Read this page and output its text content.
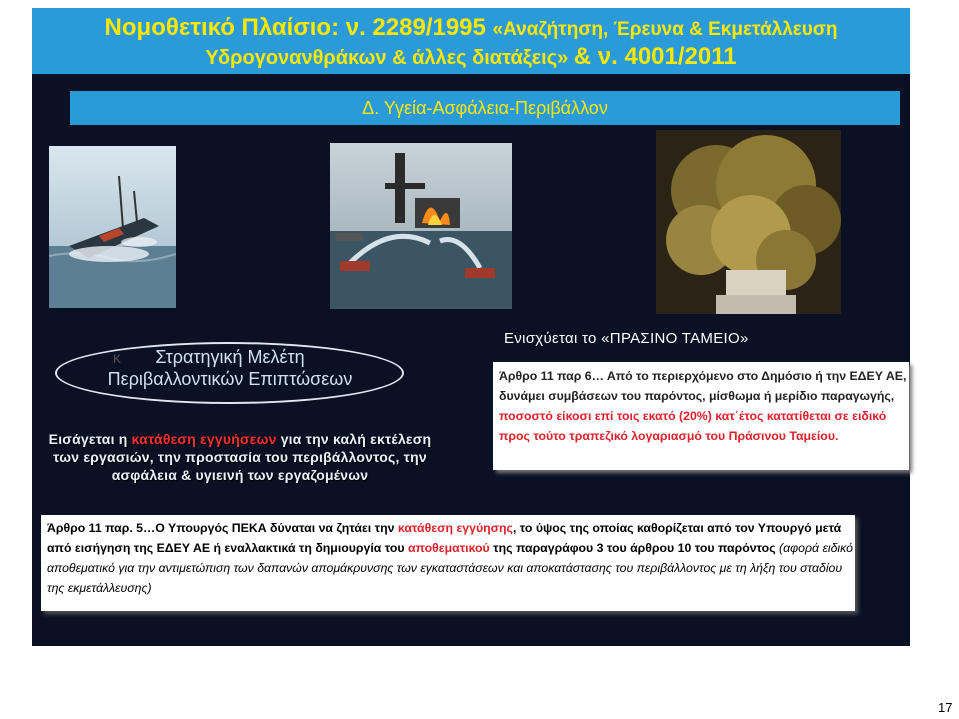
Νομοθετικό Πλαίσιο: ν. 2289/1995 «Αναζήτηση, Έρευνα & Εκμετάλλευση
Υδρογονανθράκων & άλλες διατάξεις» & ν. 4001/2011
Δ. Υγεία-Ασφάλεια-Περιβάλλον
Κ	Στρατηγική Μελέτη
Περιβαλλοντικών Επιπτώσεων
Εισάγεται η κατάθεση εγγυήσεων για την καλή εκτέλεση των εργασιών, την προστασία του περιβάλλοντος, την ασφάλεια & υγιεινή των εργαζομένων
Ενισχύεται το «ΠΡΑΣΙΝΟ ΤΑΜΕΙΟ»
Άρθρο 11 παρ 6… Από το περιερχόμενο στο Δημόσιο ή την ΕΔΕΥ ΑΕ, δυνάμει συμβάσεων του παρόντος, μίσθωμα ή μερίδιο παραγωγής, ποσοστό είκοσι επί τοις εκατό (20%) κατ΄έτος κατατίθεται σε ειδικό προς τούτο τραπεζικό λογαριασμό του Πράσινου Ταμείου.
Άρθρο 11 παρ. 5…Ο Υπουργός ΠΕΚΑ δύναται να ζητάει την κατάθεση εγγύησης, το ύψος της οποίας καθορίζεται από τον Υπουργό μετά από εισήγηση της ΕΔΕΥ ΑΕ ή εναλλακτικά τη δημιουργία του αποθεματικού της παραγράφου 3 του άρθρου 10 του παρόντος (αφορά ειδικό αποθεματικό για την αντιμετώπιση των δαπανών απομάκρυνσης των εγκαταστάσεων και αποκατάστασης του περιβάλλοντος με τη λήξη του σταδίου της εκμετάλλευσης)
17
